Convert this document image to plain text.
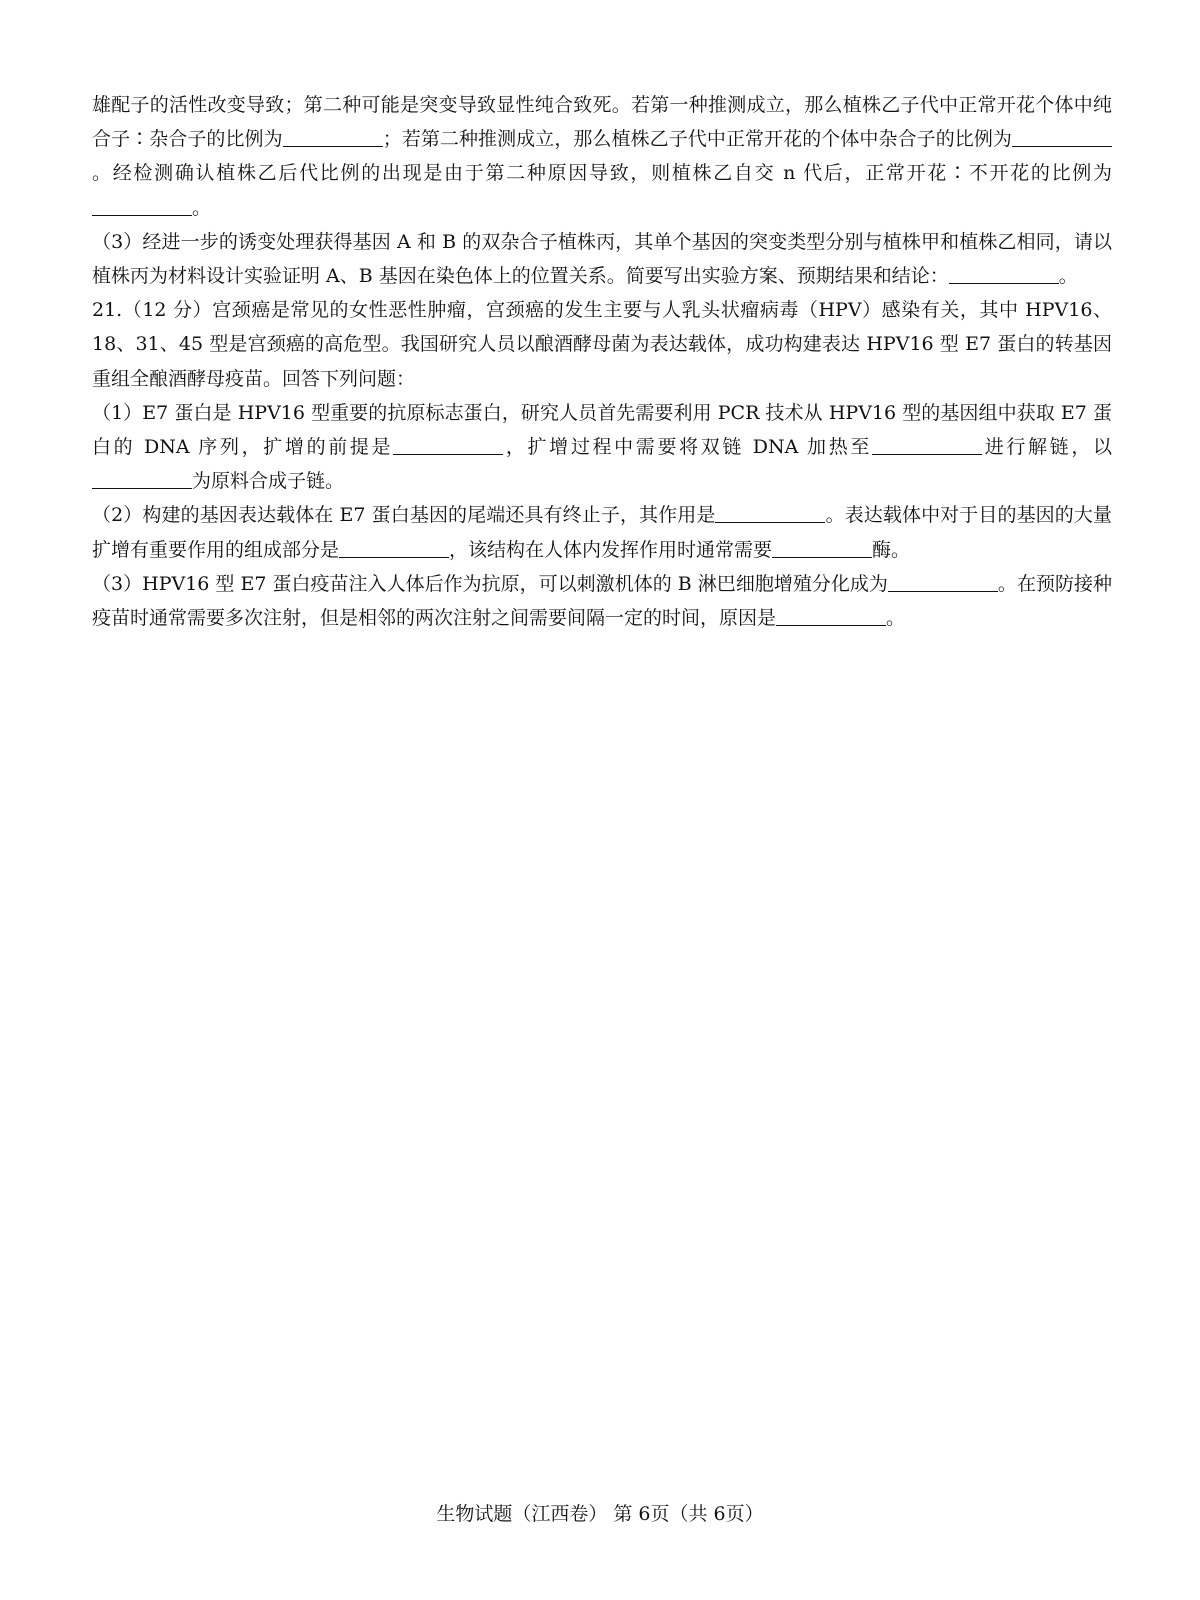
雄配子的活性改变导致；第二种可能是突变导致显性纯合致死。若第一种推测成立，那么植株乙子代中正常开花个体中纯合子∶杂合子的比例为	；若第二种推测成立，那么植株乙子代中正常开花的个体中杂合子的比例为。经检测确认植株乙后代比例的出现是由于第二种原因导致，则植株乙自交 n 代后，正常开花∶不开花的比例为。

（3）经进一步的诱变处理获得基因 A 和 B 的双杂合子植株丙，其单个基因的突变类型分别与植株甲和植株乙相同，请以植株丙为材料设计实验证明 A、B 基因在染色体上的位置关系。简要写出实验方案、预期结果和结论：	。

21.（12 分）宫颈癌是常见的女性恶性肿瘤，宫颈癌的发生主要与人乳头状瘤病毒（HPV）感染有关，其中 HPV16、18、31、45 型是宫颈癌的高危型。我国研究人员以酿酒酵母菌为表达载体，成功构建表达 HPV16 型 E7 蛋白的转基因重组全酿酒酵母疫苗。回答下列问题：

（1）E7 蛋白是 HPV16 型重要的抗原标志蛋白，研究人员首先需要利用 PCR 技术从 HPV16 型的基因组中获取 E7 蛋白的 DNA 序列，扩增的前提是	，扩增过程中需要将双链 DNA 加热至	进行解链，以为原料合成子链。

（2）构建的基因表达载体在 E7 蛋白基因的尾端还具有终止子，其作用是	。表达载体中对于目的基因的大量扩增有重要作用的组成部分是	，该结构在人体内发挥作用时通常需要	酶。

（3）HPV16 型 E7 蛋白疫苗注入人体后作为抗原，可以刺激机体的 B 淋巴细胞增殖分化成为	。在预防接种疫苗时通常需要多次注射，但是相邻的两次注射之间需要间隔一定的时间，原因是	。

生物试题（江西卷） 第 6页（共 6页）
